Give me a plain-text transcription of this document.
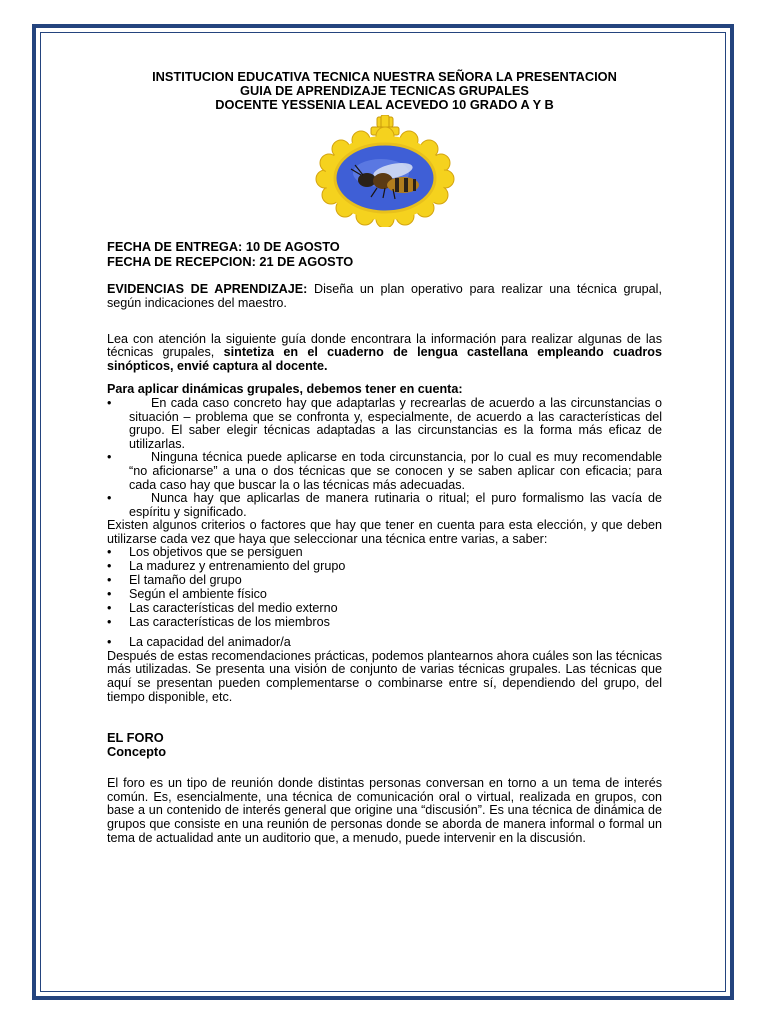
INSTITUCION EDUCATIVA TECNICA NUESTRA SEÑORA LA PRESENTACION
GUIA DE APRENDIZAJE TECNICAS GRUPALES
DOCENTE YESSENIA LEAL ACEVEDO 10 GRADO A Y B
FECHA DE ENTREGA: 10 DE AGOSTO
FECHA DE RECEPCION: 21 DE AGOSTO

EVIDENCIAS DE APRENDIZAJE: Diseña un plan operativo para realizar una técnica grupal, según indicaciones del maestro.

Lea con atención la siguiente guía donde encontrara la información para realizar algunas de las técnicas grupales, sintetiza en el cuaderno de lengua castellana empleando cuadros sinópticos, envié captura al docente.

Para aplicar dinámicas grupales, debemos tener en cuenta:
• En cada caso concreto hay que adaptarlas y recrearlas de acuerdo a las circunstancias o situación – problema que se confronta y, especialmente, de acuerdo a las características del grupo. El saber elegir técnicas adaptadas a las circunstancias es la forma más eficaz de utilizarlas.
• Ninguna técnica puede aplicarse en toda circunstancia, por lo cual es muy recomendable “no aficionarse” a una o dos técnicas que se conocen y se saben aplicar con eficacia; para cada caso hay que buscar la o las técnicas más adecuadas.
• Nunca hay que aplicarlas de manera rutinaria o ritual; el puro formalismo las vacía de espíritu y significado.

Existen algunos criterios o factores que hay que tener en cuenta para esta elección, y que deben utilizarse cada vez que haya que seleccionar una técnica entre varias, a saber:

• Los objetivos que se persiguen
• La madurez y entrenamiento del grupo
• El tamaño del grupo
• Según el ambiente físico
• Las características del medio externo
• Las características de los miembros
• La capacidad del animador/a

Después de estas recomendaciones prácticas, podemos plantearnos ahora cuáles son las técnicas más utilizadas. Se presenta una visión de conjunto de varias técnicas grupales. Las técnicas que aquí se presentan pueden complementarse o combinarse entre sí, dependiendo del grupo, del tiempo disponible, etc.

EL FORO
Concepto

El foro es un tipo de reunión donde distintas personas conversan en torno a un tema de interés común. Es, esencialmente, una técnica de comunicación oral o virtual, realizada en grupos, con base a un contenido de interés general que origine una “discusión”. Es una técnica de dinámica de grupos que consiste en una reunión de personas donde se aborda de manera informal o formal un tema de actualidad ante un auditorio que, a menudo, puede intervenir en la discusión.
